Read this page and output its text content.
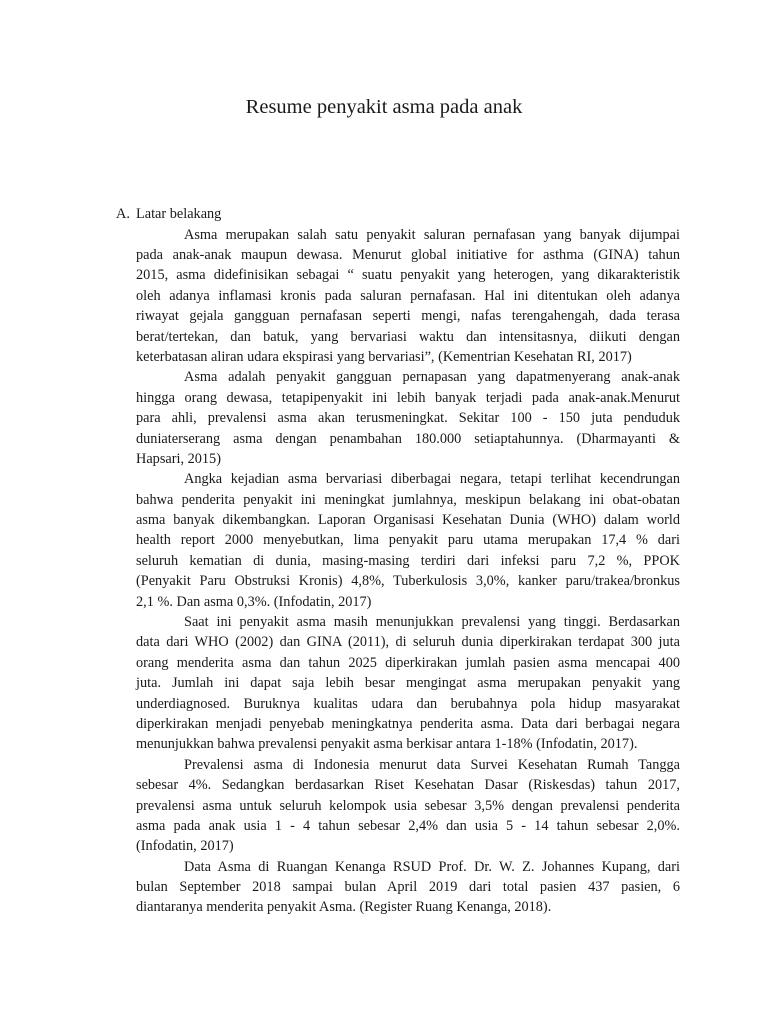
Resume penyakit asma pada anak
A. Latar belakang
Asma merupakan salah satu penyakit saluran pernafasan yang banyak dijumpai
pada anak-anak maupun dewasa. Menurut global initiative for asthma (GINA) tahun
2015, asma didefinisikan sebagai “ suatu penyakit yang heterogen, yang dikarakteristik
oleh adanya inflamasi kronis pada saluran pernafasan. Hal ini ditentukan oleh adanya
riwayat gejala gangguan pernafasan seperti mengi, nafas terengahengah, dada terasa
berat/tertekan, dan batuk, yang bervariasi waktu dan intensitasnya, diikuti dengan
keterbatasan aliran udara ekspirasi yang bervariasi”, (Kementrian Kesehatan RI, 2017)
Asma adalah penyakit gangguan pernapasan yang dapatmenyerang anak-anak
hingga orang dewasa, tetapipenyakit ini lebih banyak terjadi pada anak-anak.Menurut
para ahli, prevalensi asma akan terusmeningkat. Sekitar 100 - 150 juta penduduk
duniaterserang asma dengan penambahan 180.000 setiaptahunnya. (Dharmayanti &
Hapsari, 2015)
Angka kejadian asma bervariasi diberbagai negara, tetapi terlihat kecendrungan
bahwa penderita penyakit ini meningkat jumlahnya, meskipun belakang ini obat-obatan
asma banyak dikembangkan. Laporan Organisasi Kesehatan Dunia (WHO) dalam world
health report 2000 menyebutkan, lima penyakit paru utama merupakan 17,4 % dari
seluruh kematian di dunia, masing-masing terdiri dari infeksi paru 7,2 %, PPOK
(Penyakit Paru Obstruksi Kronis) 4,8%, Tuberkulosis 3,0%, kanker paru/trakea/bronkus
2,1 %. Dan asma 0,3%. (Infodatin, 2017)
Saat ini penyakit asma masih menunjukkan prevalensi yang tinggi. Berdasarkan
data dari WHO (2002) dan GINA (2011), di seluruh dunia diperkirakan terdapat 300 juta
orang menderita asma dan tahun 2025 diperkirakan jumlah pasien asma mencapai 400
juta. Jumlah ini dapat saja lebih besar mengingat asma merupakan penyakit yang
underdiagnosed. Buruknya kualitas udara dan berubahnya pola hidup masyarakat
diperkirakan menjadi penyebab meningkatnya penderita asma. Data dari berbagai negara
menunjukkan bahwa prevalensi penyakit asma berkisar antara 1-18% (Infodatin, 2017).
Prevalensi asma di Indonesia menurut data Survei Kesehatan Rumah Tangga
sebesar 4%. Sedangkan berdasarkan Riset Kesehatan Dasar (Riskesdas) tahun 2017,
prevalensi asma untuk seluruh kelompok usia sebesar 3,5% dengan prevalensi penderita
asma pada anak usia 1 - 4 tahun sebesar 2,4% dan usia 5 - 14 tahun sebesar 2,0%.
(Infodatin, 2017)
Data Asma di Ruangan Kenanga RSUD Prof. Dr. W. Z. Johannes Kupang, dari
bulan September 2018 sampai bulan April 2019 dari total pasien 437 pasien, 6
diantaranya menderita penyakit Asma. (Register Ruang Kenanga, 2018).
